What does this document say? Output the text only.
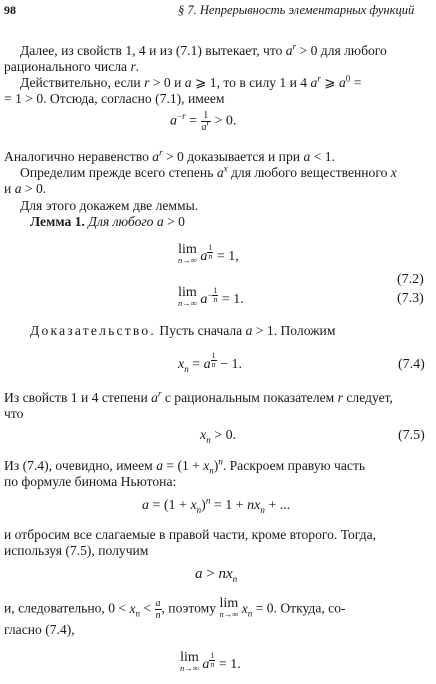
98	§ 7. Непрерывность элементарных функций
Далее, из свойств 1, 4 и из (7.1) вытекает, что $a^r > 0$ для любого
рационального числа r.
Действительно, если r > 0 и a ⩾ 1, то в силу 1 и 4 $a^r$ ⩾ $a^0$ =
= 1 > 0. Отсюда, согласно (7.1), имеем
$a^{-r} = \frac{1}{a^r} > 0$.
Аналогично неравенство $a^r > 0$ доказывается и при a < 1.
Определим прежде всего степень $a^x$ для любого вещественного x
и a > 0.
Для этого докажем две леммы.
Лемма 1. Для любого a > 0
lim
n→∞ a $^{\frac{1}{n}}$ = 1,
(7.2)
lim
n→∞ $a^{- \frac{1}{n}} = 1$.	(7.3)
Доказательство. Пусть сначала a > 1. Положим
$x_n = a$ $^{\frac{1}{n}}$ − 1.	(7.4)
Из свойств 1 и 4 степени $a^r$ с рациональным показателем r следует,
что
$x_n > 0$.	(7.5)
Из (7.4), очевидно, имеем $a = (1 + x_n)^n$. Раскроем правую часть
по формуле бинома Ньютона:
$a = (1 + x_n)^n = 1 + nx_n$ + ...
и отбросим все слагаемые в правой части, кроме второго. Тогда,
используя (7.5), получим
$a > nx_n$
и, следовательно, $0 < x_n < \frac{a}{n}$ , поэтому lim
n→∞ $x_n = 0$. Откуда, со-
гласно (7.4),
lim
n→∞ a $^{\frac{1}{n}}$ = 1.
